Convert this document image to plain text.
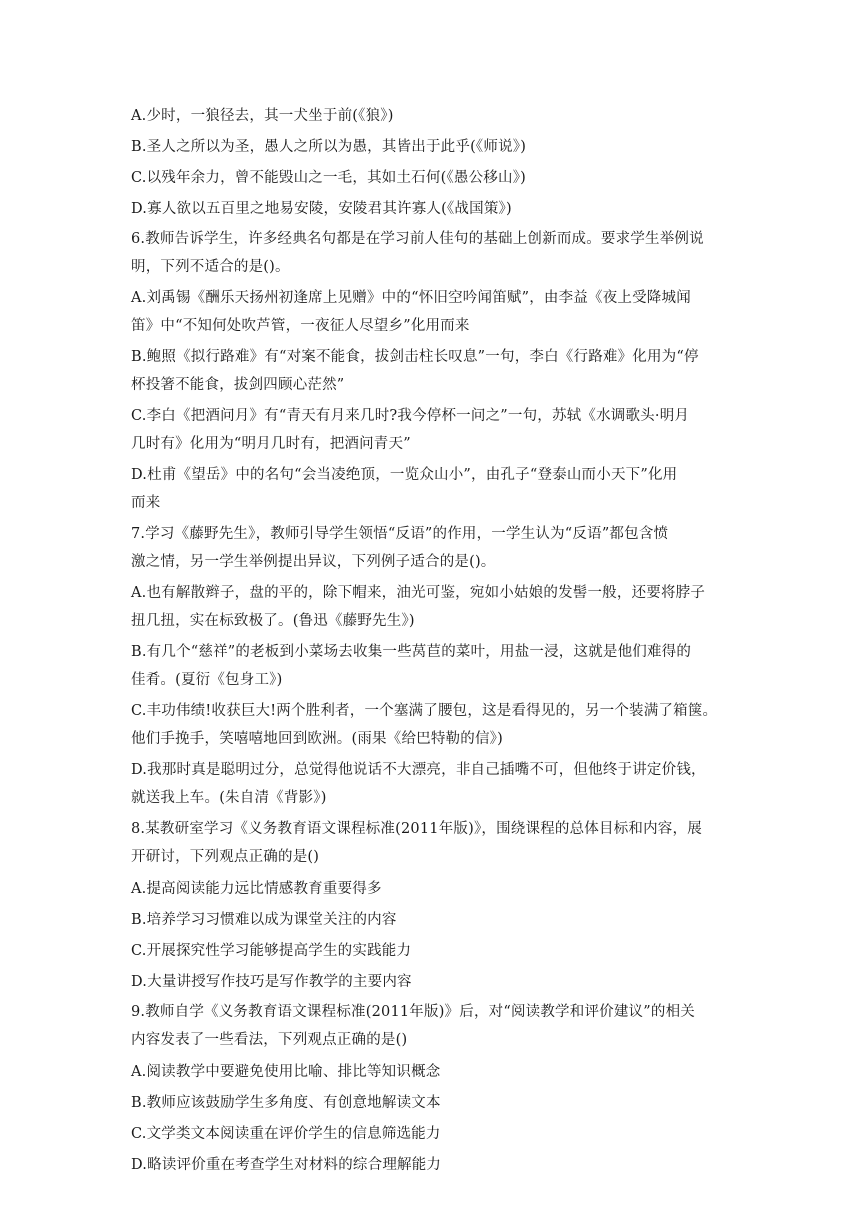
A.少时，一狼径去，其一犬坐于前(《狼》)
B.圣人之所以为圣，愚人之所以为愚，其皆出于此乎(《师说》)
C.以残年余力，曾不能毁山之一毛，其如土石何(《愚公移山》)
D.寡人欲以五百里之地易安陵，安陵君其许寡人(《战国策》)
6.教师告诉学生，许多经典名句都是在学习前人佳句的基础上创新而成。要求学生举例说
明，下列不适合的是()。
A.刘禹锡《酬乐天扬州初逢席上见赠》中的“怀旧空吟闻笛赋”，由李益《夜上受降城闻
笛》中“不知何处吹芦管，一夜征人尽望乡”化用而来
B.鲍照《拟行路难》有“对案不能食，拔剑击柱长叹息”一句，李白《行路难》化用为“停
杯投箸不能食，拔剑四顾心茫然”
C.李白《把酒问月》有“青天有月来几时?我今停杯一问之”一句，苏轼《水调歌头·明月
几时有》化用为“明月几时有，把酒问青天”
D.杜甫《望岳》中的名句“会当凌绝顶，一览众山小”，由孔子“登泰山而小天下”化用
而来
7.学习《藤野先生》，教师引导学生领悟“反语”的作用，一学生认为“反语”都包含愤
激之情，另一学生举例提出异议，下列例子适合的是()。
A.也有解散辫子，盘的平的，除下帽来，油光可鉴，宛如小姑娘的发髻一般，还要将脖子
扭几扭，实在标致极了。(鲁迅《藤野先生》)
B.有几个“慈祥”的老板到小菜场去收集一些莴苣的菜叶，用盐一浸，这就是他们难得的
佳肴。(夏衍《包身工》)
C.丰功伟绩!收获巨大!两个胜利者，一个塞满了腰包，这是看得见的，另一个装满了箱箧。
他们手挽手，笑嘻嘻地回到欧洲。(雨果《给巴特勒的信》)
D.我那时真是聪明过分，总觉得他说话不大漂亮，非自己插嘴不可，但他终于讲定价钱，
就送我上车。(朱自清《背影》)
8.某教研室学习《义务教育语文课程标准(2011年版)》，围绕课程的总体目标和内容，展
开研讨，下列观点正确的是()
A.提高阅读能力远比情感教育重要得多
B.培养学习习惯难以成为课堂关注的内容
C.开展探究性学习能够提高学生的实践能力
D.大量讲授写作技巧是写作教学的主要内容
9.教师自学《义务教育语文课程标准(2011年版)》后，对“阅读教学和评价建议”的相关
内容发表了一些看法，下列观点正确的是()
A.阅读教学中要避免使用比喻、排比等知识概念
B.教师应该鼓励学生多角度、有创意地解读文本
C.文学类文本阅读重在评价学生的信息筛选能力
D.略读评价重在考查学生对材料的综合理解能力
